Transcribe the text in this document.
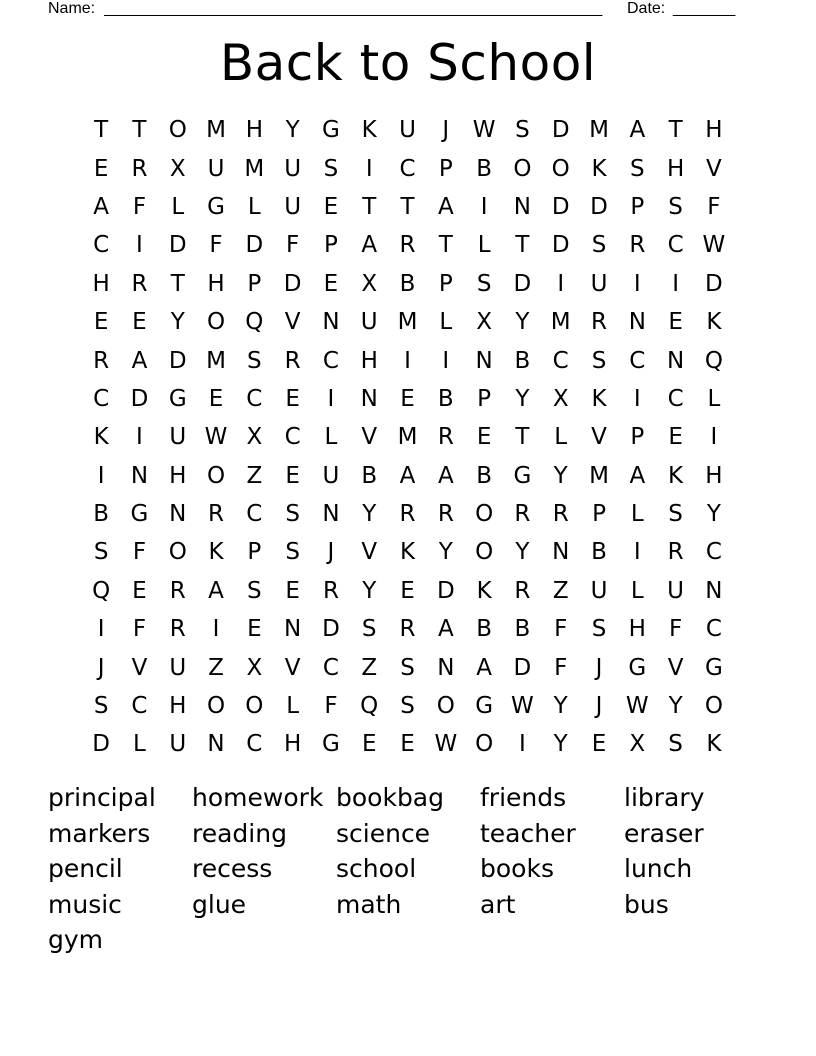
Name: ________________________________________________________ Date: _______
Back to School
T	T O M H Y G K U	J	W S D M A	T H
E	R X U M U S	I	C	P	B O O K	S H V
A	F	L G L	U E	T	T	A	I	N D D P	S	F
C	I	D F D F	P	A R	T	L	T D S	R C W
H R	T H P D E	X B	P	S D	I	U	I	I	D
E	E	Y O Q V N U M L	X	Y M R N E	K
R A D M S	R C H	I	I	N B C S C N Q
C D G E C	E	I	N E	B	P	Y	X K	I	C	L
K	I	U W X C	L	V M R	E	T	L	V	P	E	I
I	N H O Z	E U B A A B G Y M A K H
B G N R C S N Y	R R O R R	P	L	S	Y
S	F O K	P	S	J	V K	Y O Y N B	I	R C
Q E	R A	S	E	R	Y	E D K R Z U	L	U N
I	F	R	I	E N D S	R A B B	F	S H	F	C
J	V U Z X V C Z	S N A D F	J	G V G
S C H O O L	F Q S O G W Y	J	W Y O
D	L	U N C H G E	E W O	I	Y	E	X	S	K
principal	homework bookbag	friends	library
markers	reading	science	teacher	eraser
pencil	recess	school	books	lunch
music	glue	math	art	bus
gym
